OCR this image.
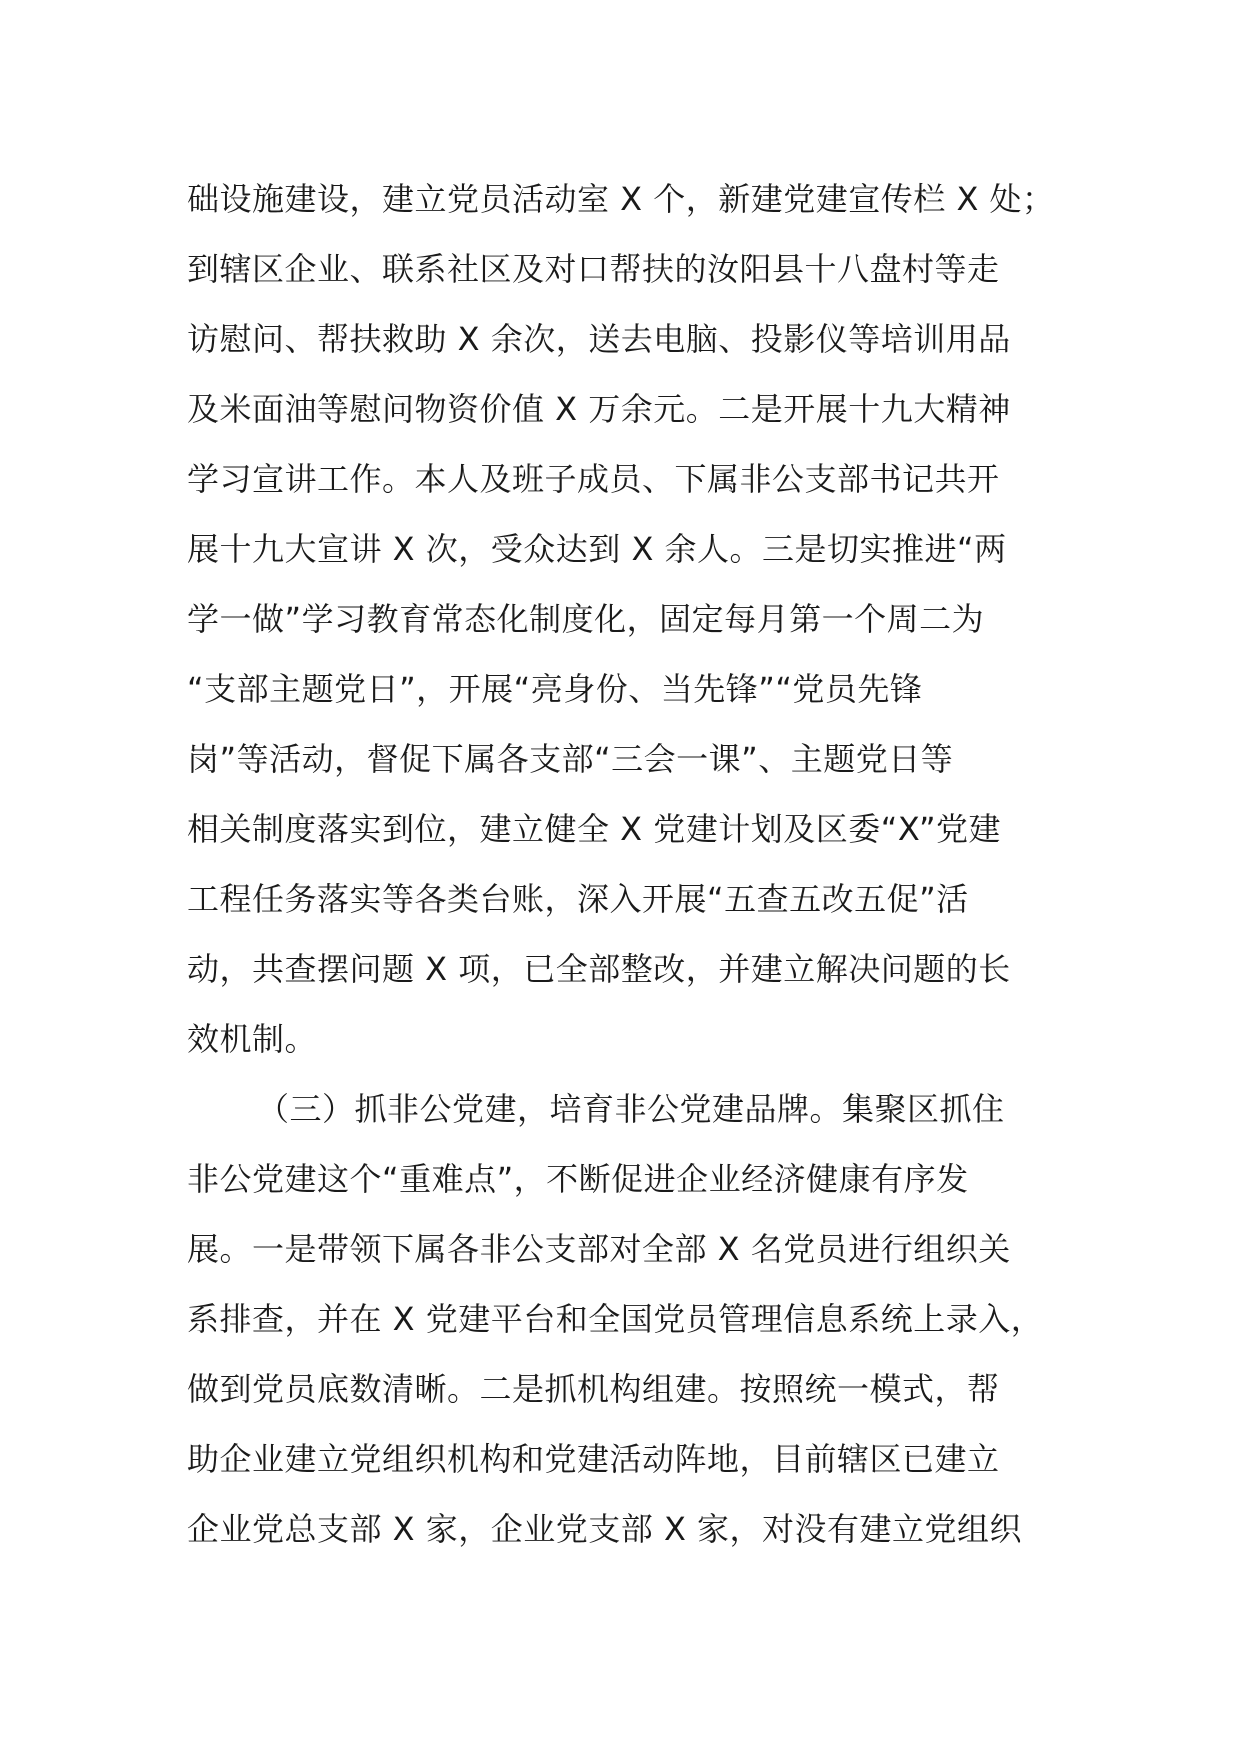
础设施建设，建立党员活动室 X 个，新建党建宣传栏 X 处；
到辖区企业、联系社区及对口帮扶的汝阳县十八盘村等走
访慰问、帮扶救助 X 余次，送去电脑、投影仪等培训用品
及米面油等慰问物资价值 X 万余元。二是开展十九大精神
学习宣讲工作。本人及班子成员、下属非公支部书记共开
展十九大宣讲 X 次，受众达到 X 余人。三是切实推进“两
学一做”学习教育常态化制度化，固定每月第一个周二为
“支部主题党日”，开展“亮身份、当先锋”“党员先锋
岗”等活动，督促下属各支部“三会一课”、主题党日等
相关制度落实到位，建立健全 X 党建计划及区委“X”党建
工程任务落实等各类台账，深入开展“五查五改五促”活
动，共查摆问题 X 项，已全部整改，并建立解决问题的长
效机制。
（三）抓非公党建，培育非公党建品牌。集聚区抓住
非公党建这个“重难点”，不断促进企业经济健康有序发
展。一是带领下属各非公支部对全部 X 名党员进行组织关
系排查，并在 X 党建平台和全国党员管理信息系统上录入，
做到党员底数清晰。二是抓机构组建。按照统一模式，帮
助企业建立党组织机构和党建活动阵地，目前辖区已建立
企业党总支部 X 家，企业党支部 X 家，对没有建立党组织
